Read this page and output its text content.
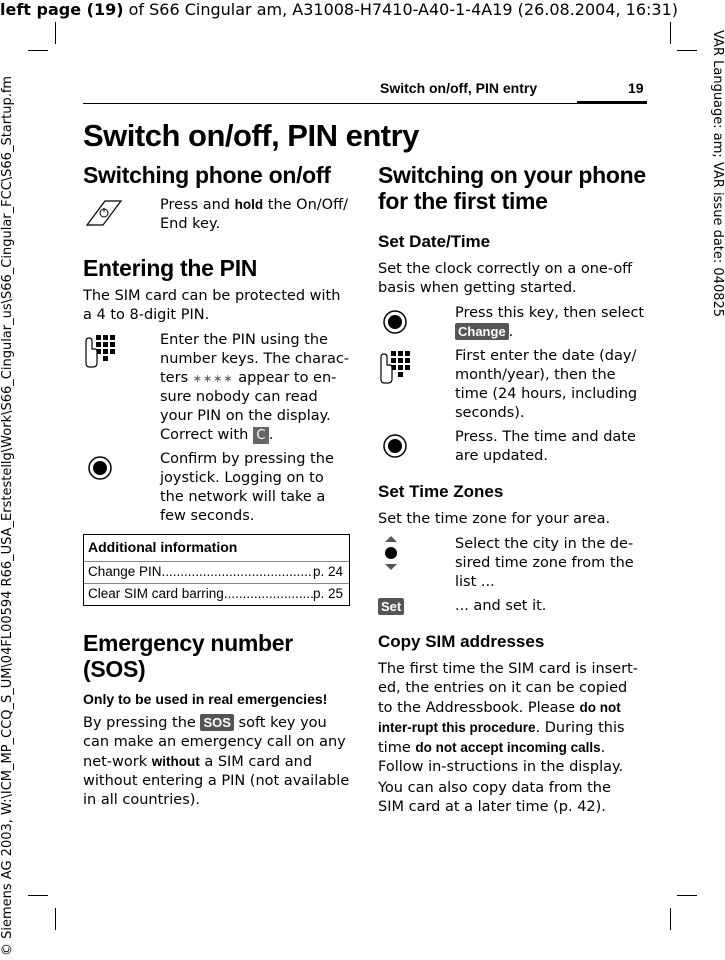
left page (19) of S66 Cingular am, A31008-H7410-A40-1-4A19 (26.08.2004, 16:31)
© Siemens AG 2003, W:\ICM_MP_CCQ_S_UM\04FL00594 R66_USA_Erstestellg\Work\S66_Cingular_us\S66_Cingular_FCC\S66_Startup.fm	VAR Language: am; VAR issue date: 040825
Switch on/off, PIN entry	19
Switch on/off, PIN entry
Switching phone on/off
Press and hold the On/Off/ End key.
Entering the PIN
The SIM card can be protected with a 4 to 8-digit PIN.
Enter the PIN using the number keys. The charac-ters ∗∗∗∗ appear to en-sure nobody can read your PIN on the display. Correct with C .
Confirm by pressing the joystick. Logging on to the network will take a few seconds.
Additional information
Change PIN .....	p. 24
Clear SIM card barring .....	p. 25
Emergency number (SOS)
Only to be used in real emergencies!
By pressing the SOS soft key you can make an emergency call on any net-work without a SIM card and without entering a PIN (not available in all countries).
Switching on your phone for the first time
Set Date/Time
Set the clock correctly on a one-off basis when getting started.
Press this key, then select Change .
First enter the date (day/ month/year), then the time (24 hours, including seconds).
Press. The time and date are updated.
Set Time Zones
Set the time zone for your area.
Select the city in the de-sired time zone from the list ...
Set	... and set it.
Copy SIM addresses
The first time the SIM card is insert-ed, the entries on it can be copied to the Addressbook. Please do not inter-rupt this procedure. During this time do not accept incoming calls. Follow in-structions in the display.
You can also copy data from the SIM card at a later time (p. 42).
